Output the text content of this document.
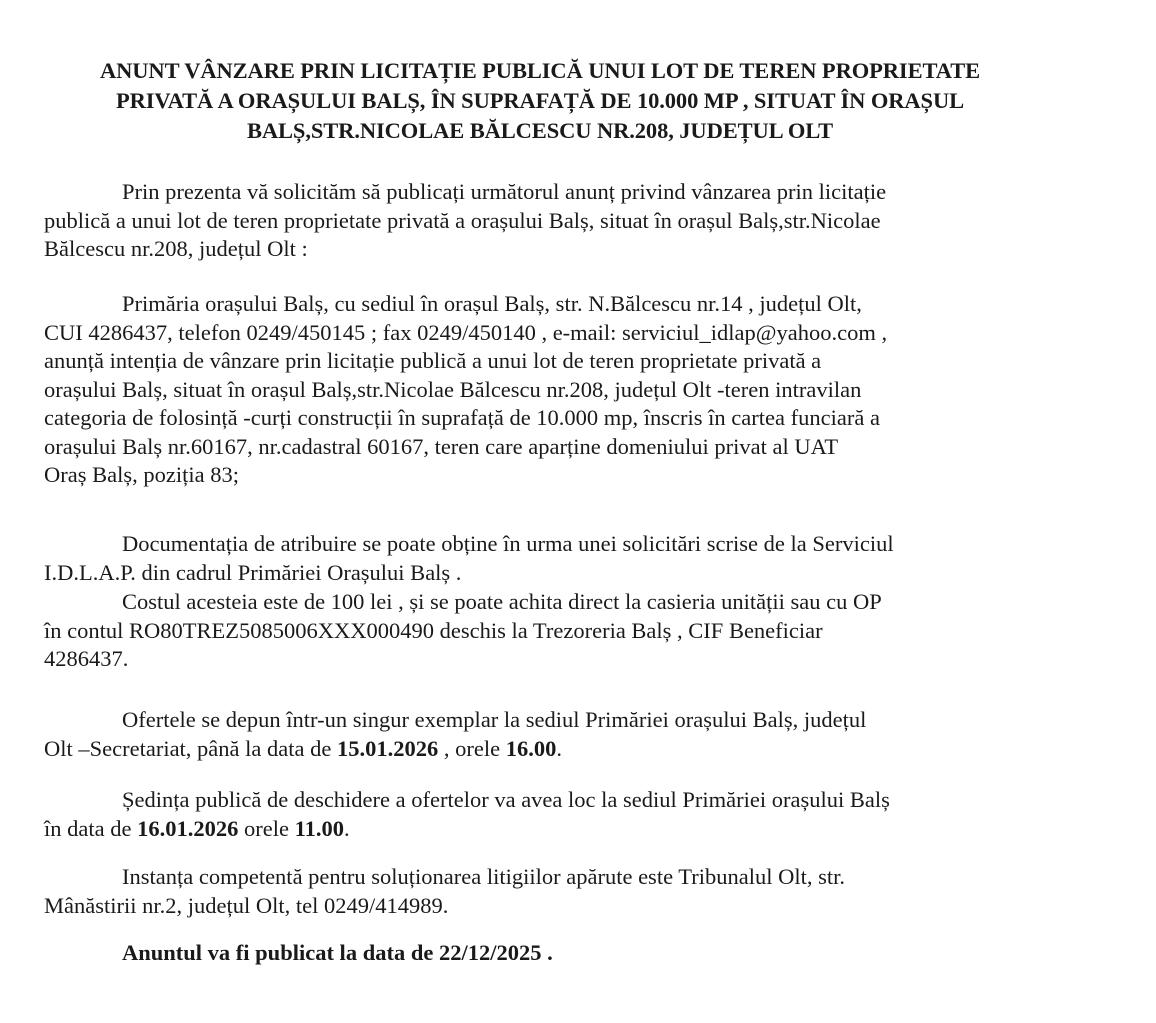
ANUNT VÂNZARE PRIN LICITAȚIE PUBLICĂ UNUI LOT DE TEREN PROPRIETATE
PRIVATĂ A ORAȘULUI BALȘ, ÎN SUPRAFAȚĂ DE 10.000 MP , SITUAT ÎN ORAȘUL
BALȘ,STR.NICOLAE BĂLCESCU NR.208, JUDEȚUL OLT
Prin prezenta vă solicităm să publicați următorul anunț privind vânzarea prin licitație
publică a unui lot de teren proprietate privată a orașului Balș, situat în orașul Balș,str.Nicolae
Bălcescu nr.208, județul Olt :
Primăria orașului Balș, cu sediul în orașul Balș, str. N.Bălcescu nr.14 , județul Olt,
CUI 4286437, telefon 0249/450145 ; fax 0249/450140 , e-mail: serviciul_idlap@yahoo.com ,
anunță intenția de vânzare prin licitație publică a unui lot de teren proprietate privată a
orașului Balș, situat în orașul Balș,str.Nicolae Bălcescu nr.208, județul Olt -teren intravilan
categoria de folosință -curți construcții în suprafață de 10.000 mp, înscris în cartea funciară a
orașului Balș nr.60167, nr.cadastral 60167, teren care aparține domeniului privat al UAT
Oraș Balș, poziția 83;
Documentația de atribuire se poate obține în urma unei solicitări scrise de la Serviciul
I.D.L.A.P. din cadrul Primăriei Orașului Balș .
Costul acesteia este de 100 lei , și se poate achita direct la casieria unității sau cu OP
în contul RO80TREZ5085006XXX000490 deschis la Trezoreria Balș , CIF Beneficiar
4286437.
Ofertele se depun într-un singur exemplar la sediul Primăriei orașului Balș, județul
Olt –Secretariat, până la data de 15.01.2026 , orele 16.00.
Ședința publică de deschidere a ofertelor va avea loc la sediul Primăriei orașului Balș
în data de 16.01.2026 orele 11.00.
Instanța competentă pentru soluționarea litigiilor apărute este Tribunalul Olt, str.
Mânăstirii nr.2, județul Olt, tel 0249/414989.
Anuntul va fi publicat la data de 22/12/2025 .
